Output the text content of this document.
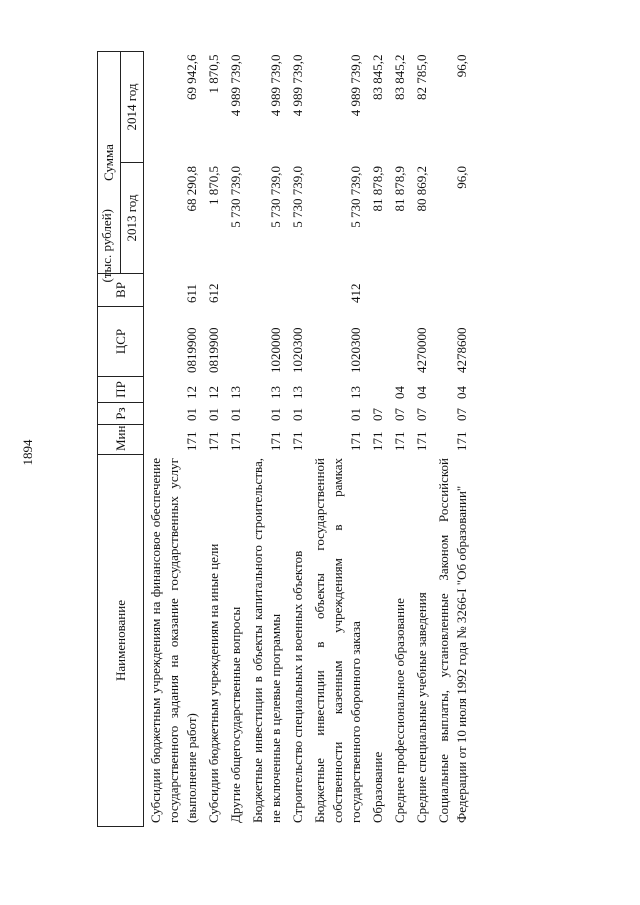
1894
(тыс. рублей)
Наименование	Мин	Рз	ПР	ЦСР	ВР	Сумма	
						2013 год	2014 год
Субсидии бюджетным учреждениям на финансовое обеспечение государственного задания на оказание государственных услуг (выполнение работ)	171	01	12	0819900	611	68 290,8	69 942,6
Субсидии бюджетным учреждениям на иные цели	171	01	12	0819900	612	1 870,5	1 870,5
Другие общегосударственные вопросы	171	01	13			5 730 739,0	4 989 739,0
Бюджетные инвестиции в объекты капитального строительства, не включенные в целевые программы	171	01	13	1020000		5 730 739,0	4 989 739,0
Строительство специальных и военных объектов	171	01	13	1020300		5 730 739,0	4 989 739,0
Бюджетные инвестиции в объекты государственной собственности казенным учреждениям в рамках государственного оборонного заказа	171	01	13	1020300	412	5 730 739,0	4 989 739,0
Образование	171	07				81 878,9	83 845,2
Среднее профессиональное образование	171	07	04			81 878,9	83 845,2
Средние специальные учебные заведения	171	07	04	4270000		80 869,2	82 785,0
Социальные выплаты, установленные Законом Российской Федерации от 10 июля 1992 года № 3266-I "Об образовании"	171	07	04	4278600		96,0	96,0
